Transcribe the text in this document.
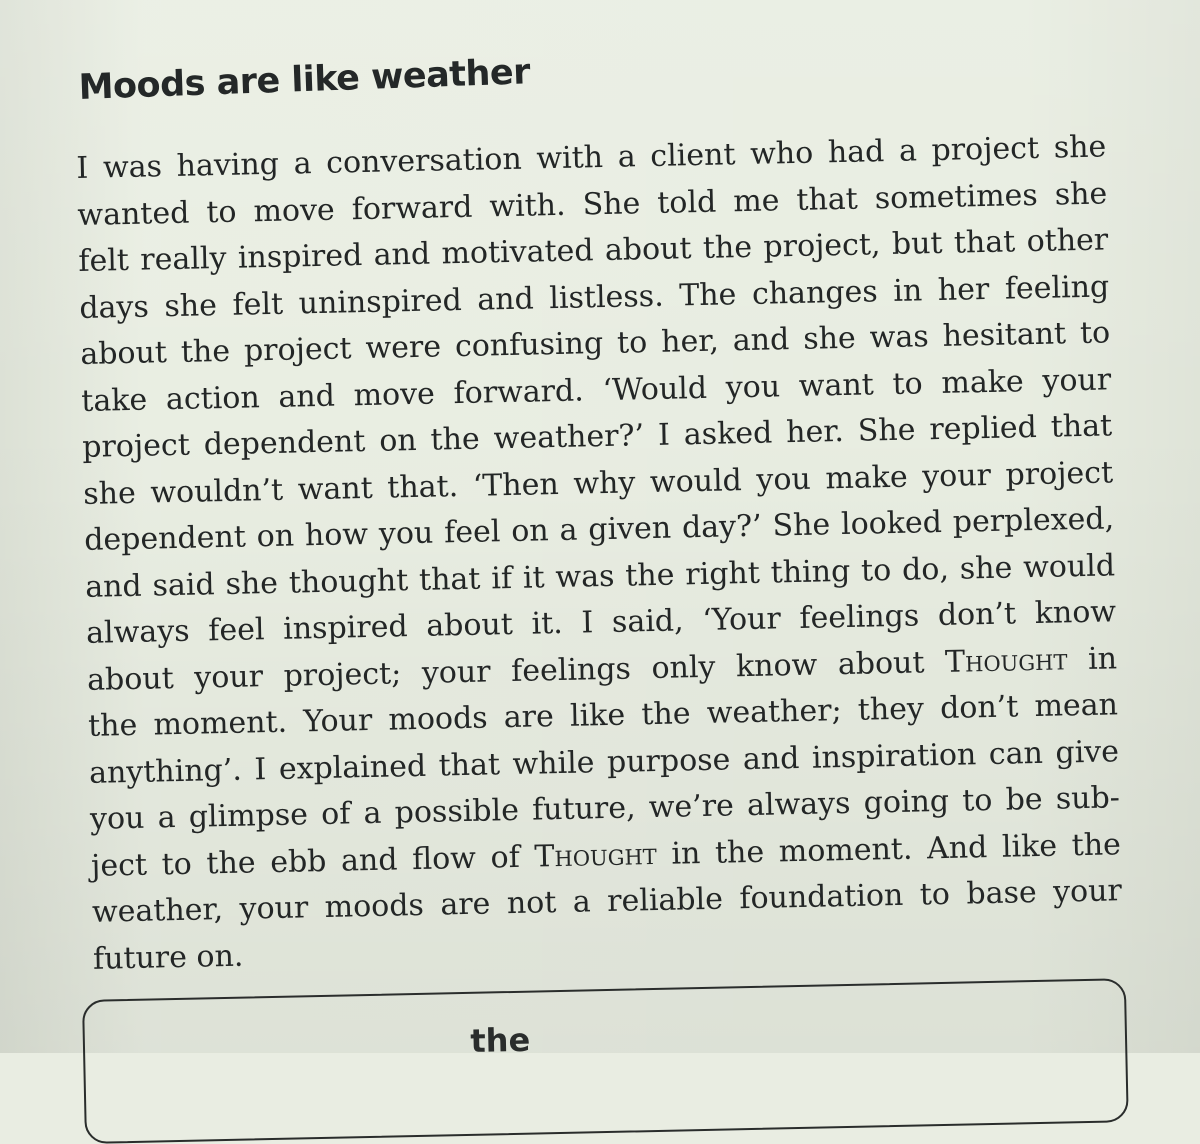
Moods are like weather

I was having a conversation with a client who had a project she
wanted to move forward with. She told me that sometimes she
felt really inspired and motivated about the project, but that other
days she felt uninspired and listless. The changes in her feeling
about the project were confusing to her, and she was hesitant to
take action and move forward. ‘Would you want to make your
project dependent on the weather?’ I asked her. She replied that
she wouldn’t want that. ‘Then why would you make your project
dependent on how you feel on a given day?’ She looked perplexed,
and said she thought that if it was the right thing to do, she would
always feel inspired about it. I said, ‘Your feelings don’t know
about your project; your feelings only know about Thought in
the moment. Your moods are like the weather; they don’t mean
anything’. I explained that while purpose and inspiration can give
you a glimpse of a possible future, we’re always going to be sub-
ject to the ebb and flow of Thought in the moment. And like the
weather, your moods are not a reliable foundation to base your
future on.

the
